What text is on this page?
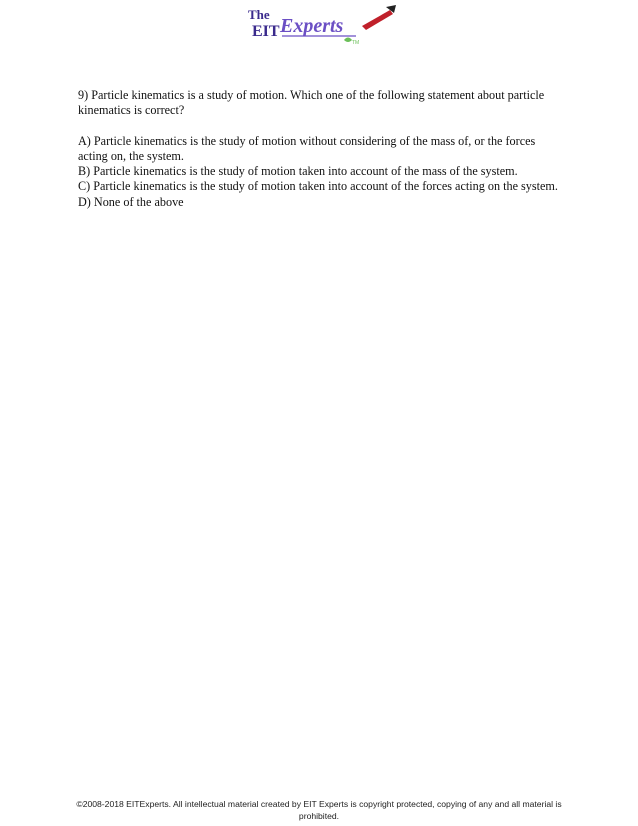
The
EIT Experts
TM

9) Particle kinematics is a study of motion. Which one of the following statement about particle kinematics is correct?

A) Particle kinematics is the study of motion without considering of the mass of, or the forces acting on, the system.

B) Particle kinematics is the study of motion taken into account of the mass of the system.

C) Particle kinematics is the study of motion taken into account of the forces acting on the system.

D) None of the above

©2008-2018 EITExperts. All intellectual material created by EIT Experts is copyright protected, copying of any and all material is prohibited.
